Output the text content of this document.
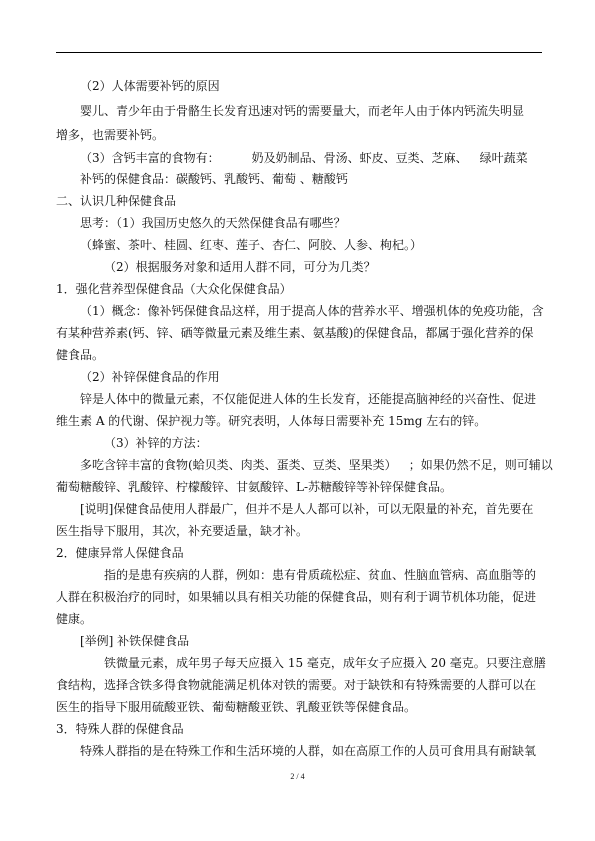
（2）人体需要补钙的原因
婴儿、青少年由于骨骼生长发育迅速对钙的需要量大，而老年人由于体内钙流失明显
增多，也需要补钙。
（3）含钙丰富的食物有：	奶及奶制品、骨汤、虾皮、豆类、芝麻、 绿叶蔬菜
补钙的保健食品：碳酸钙、乳酸钙、葡萄 、糖酸钙
二、认识几种保健食品
思考：（1）我国历史悠久的天然保健食品有哪些？
（蜂蜜、茶叶、桂圆、红枣、莲子、杏仁、阿胶、人参、枸杞。）
（2）根据服务对象和适用人群不同，可分为几类？
1．强化营养型保健食品（大众化保健食品）
（1）概念：像补钙保健食品这样，用于提高人体的营养水平、增强机体的免疫功能，含
有某种营养素(钙、锌、硒等微量元素及维生素、氨基酸)的保健食品，都属于强化营养的保
健食品。
（2）补锌保健食品的作用
锌是人体中的微量元素，不仅能促进人体的生长发育，还能提高脑神经的兴奋性、促进
维生素 A 的代谢、保护视力等。研究表明，人体每日需要补充 15mg 左右的锌。
（3）补锌的方法：
多吃含锌丰富的食物(蛤贝类、肉类、蛋类、豆类、坚果类） ；如果仍然不足，则可辅以
葡萄糖酸锌、乳酸锌、柠檬酸锌、甘氨酸锌、L-苏糖酸锌等补锌保健食品。
[说明]保健食品使用人群最广，但并不是人人都可以补，可以无限量的补充，首先要在
医生指导下服用，其次，补充要适量，缺才补。
2．健康异常人保健食品
指的是患有疾病的人群，例如：患有骨质疏松症、贫血、性脑血管病、高血脂等的
人群在积极治疗的同时，如果辅以具有相关功能的保健食品，则有利于调节机体功能，促进
健康。
[举例] 补铁保健食品
铁微量元素，成年男子每天应摄入 15 毫克，成年女子应摄入 20 毫克。只要注意膳
食结构，选择含铁多得食物就能满足机体对铁的需要。对于缺铁和有特殊需要的人群可以在
医生的指导下服用硫酸亚铁、葡萄糖酸亚铁、乳酸亚铁等保健食品。
3．特殊人群的保健食品
特殊人群指的是在特殊工作和生活环境的人群，如在高原工作的人员可食用具有耐缺氧
2 / 4
